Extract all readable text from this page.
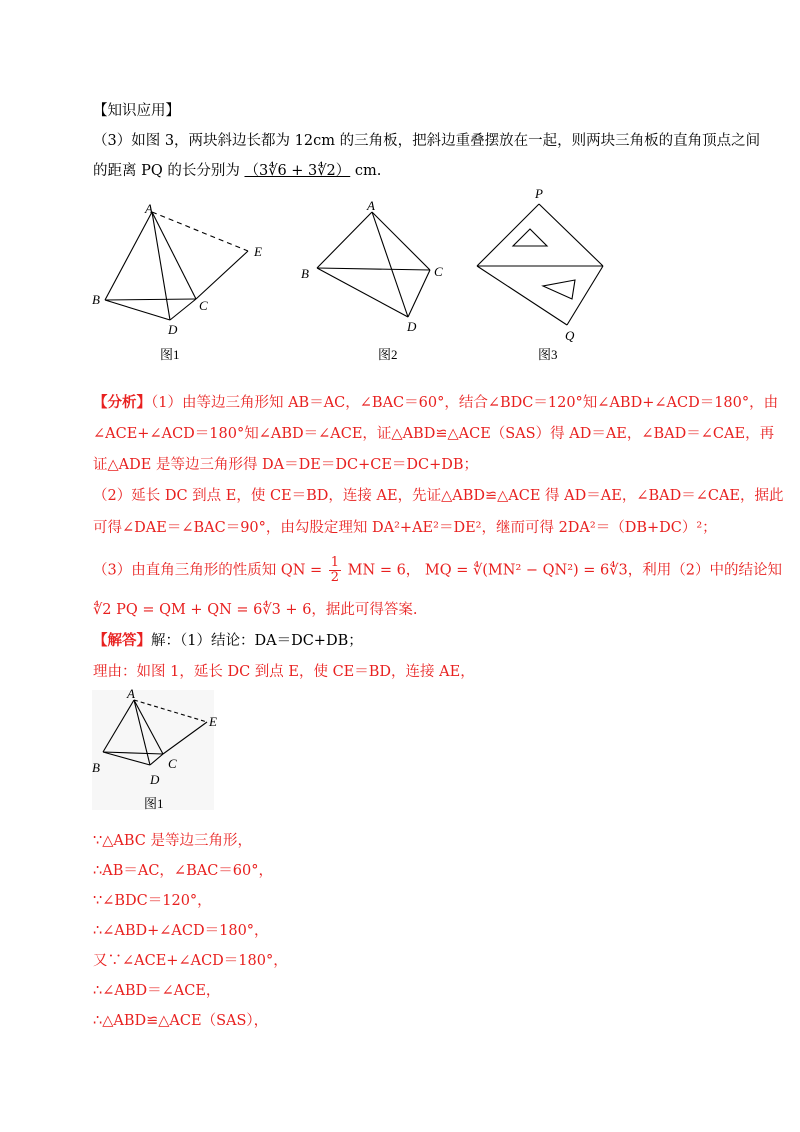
【知识应用】
（3）如图 3，两块斜边长都为 12cm 的三角板，把斜边重叠摆放在一起，则两块三角板的直角顶点之间
的距离 PQ 的长分别为 （3∜6 + 3∜2） cm.
A
B	C
D
E
图1
A
B	C
D
图2
P
Q
图3
【分析】（1）由等边三角形知 AB＝AC，∠BAC＝60°，结合∠BDC＝120°知∠ABD+∠ACD＝180°，由
∠ACE+∠ACD＝180°知∠ABD＝∠ACE，证△ABD≌△ACE（SAS）得 AD＝AE，∠BAD＝∠CAE，再
证△ADE 是等边三角形得 DA＝DE＝DC+CE＝DC+DB；
（2）延长 DC 到点 E，使 CE＝BD，连接 AE，先证△ABD≌△ACE 得 AD＝AE，∠BAD＝∠CAE，据此
可得∠DAE＝∠BAC＝90°，由勾股定理知 DA²+AE²＝DE²，继而可得 2DA²＝（DB+DC）²；
（3）由直角三角形的性质知 QN = $\frac{1}{2}$ MN = 6， MQ = ∜(MN² − QN²) = 6∜3，利用（2）中的结论知
∜2 PQ = QM + QN = 6∜3 + 6，据此可得答案.
【解答】解：（1）结论：DA＝DC+DB；
理由：如图 1，延长 DC 到点 E，使 CE＝BD，连接 AE，
A
B	C
D
E
图1
∵△ABC 是等边三角形，
∴AB＝AC，∠BAC＝60°，
∵∠BDC＝120°，
∴∠ABD+∠ACD＝180°，
又∵∠ACE+∠ACD＝180°，
∴∠ABD＝∠ACE，
∴△ABD≌△ACE（SAS），
